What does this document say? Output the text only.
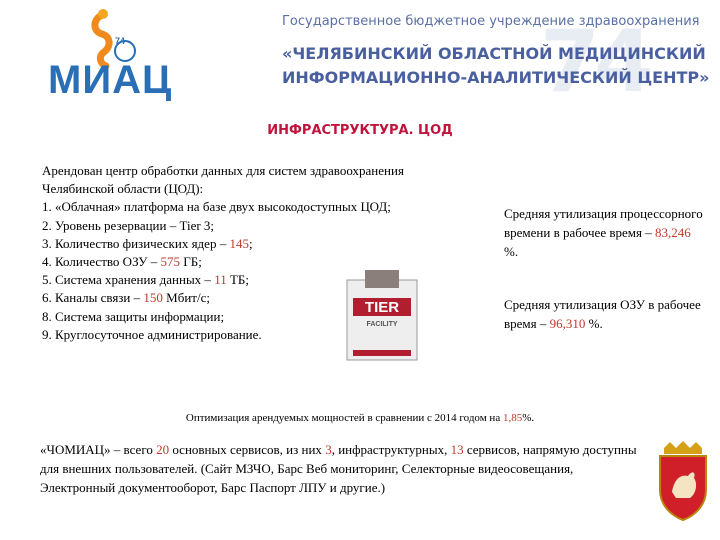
74
74
МИАЦ
Государственное бюджетное учреждение здравоохранения
«ЧЕЛЯБИНСКИЙ ОБЛАСТНОЙ МЕДИЦИНСКИЙ
ИНФОРМАЦИОННО-АНАЛИТИЧЕСКИЙ ЦЕНТР»
ИНФРАСТРУКТУРА. ЦОД

Арендован центр обработки данных для систем здравоохранения

Челябинской области (ЦОД):

1. «Облачная» платформа на базе двух высокодоступных ЦОД;

2. Уровень резервации – Tier 3;

3. Количество физических ядер – 145;

4. Количество ОЗУ – 575 ГБ;

5. Система хранения данных – 11 ТБ;

6. Каналы связи – 150 Мбит/с;

8. Система защиты информации;

9. Круглосуточное администрирование.

TIER
FACILITY
Средняя утилизация процессорного времени в рабочее время – 83,246 %.
Средняя утилизация ОЗУ в рабочее время – 96,310 %.
Оптимизация арендуемых мощностей в сравнении с 2014 годом на 1,85%.
«ЧОМИАЦ» – всего 20 основных сервисов, из них 3, инфраструктурных, 13 сервисов, напрямую доступны для внешних пользователей. (Сайт МЗЧО, Барс Веб мониторинг, Селекторные видеосовещания, Электронный документооборот, Барс Паспорт ЛПУ и другие.)
